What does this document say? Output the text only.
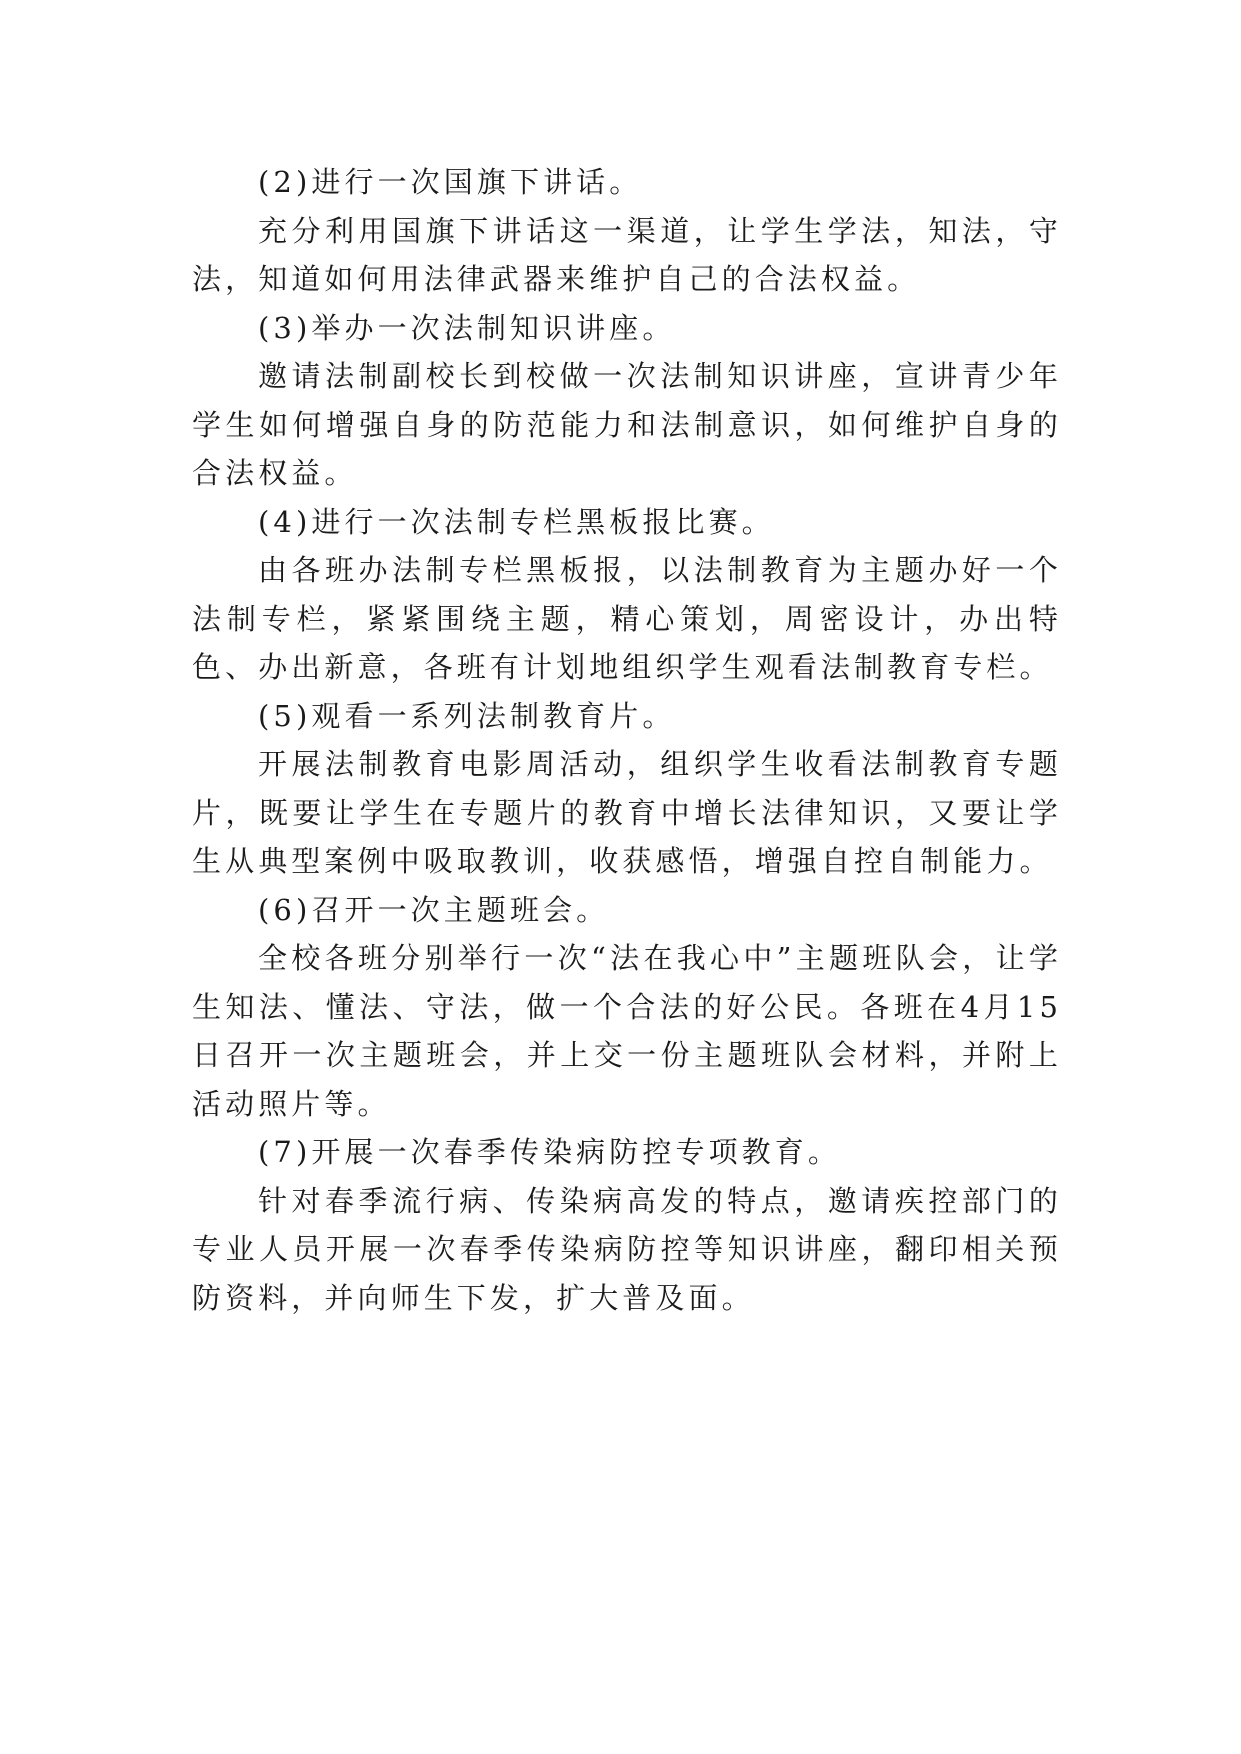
(2)进行一次国旗下讲话。

充分利用国旗下讲话这一渠道，让学生学法，知法，守法，知道如何用法律武器来维护自己的合法权益。

(3)举办一次法制知识讲座。

邀请法制副校长到校做一次法制知识讲座，宣讲青少年学生如何增强自身的防范能力和法制意识，如何维护自身的合法权益。

(4)进行一次法制专栏黑板报比赛。

由各班办法制专栏黑板报，以法制教育为主题办好一个法制专栏，紧紧围绕主题，精心策划，周密设计，办出特色、办出新意，各班有计划地组织学生观看法制教育专栏。

(5)观看一系列法制教育片。

开展法制教育电影周活动，组织学生收看法制教育专题片，既要让学生在专题片的教育中增长法律知识，又要让学生从典型案例中吸取教训，收获感悟，增强自控自制能力。

(6)召开一次主题班会。

全校各班分别举行一次“法在我心中”主题班队会，让学生知法、懂法、守法，做一个合法的好公民。各班在4月15日召开一次主题班会，并上交一份主题班队会材料，并附上活动照片等。

(7)开展一次春季传染病防控专项教育。

针对春季流行病、传染病高发的特点，邀请疾控部门的专业人员开展一次春季传染病防控等知识讲座，翻印相关预防资料，并向师生下发，扩大普及面。
